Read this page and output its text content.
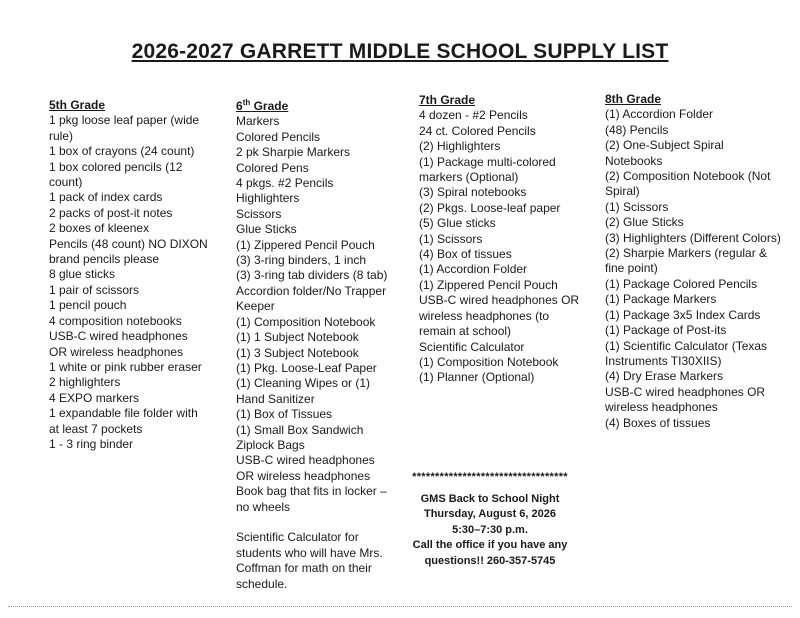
2026-2027 GARRETT MIDDLE SCHOOL SUPPLY LIST
5th Grade
1 pkg loose leaf paper (wide rule)
1 box of crayons (24 count)
1 box colored pencils (12 count)
1 pack of index cards
2 packs of post-it notes
2 boxes of kleenex
Pencils (48 count) NO DIXON brand pencils please
8 glue sticks
1 pair of scissors
1 pencil pouch
4 composition notebooks
USB-C wired headphones OR wireless headphones
1 white or pink rubber eraser
2 highlighters
4 EXPO markers
1 expandable file folder with at least 7 pockets
1 - 3 ring binder
6th Grade
Markers
Colored Pencils
2 pk Sharpie Markers
Colored Pens
4 pkgs. #2 Pencils
Highlighters
Scissors
Glue Sticks
(1) Zippered Pencil Pouch
(3) 3-ring binders, 1 inch
(3) 3-ring tab dividers (8 tab)
Accordion folder/No Trapper Keeper
(1) Composition Notebook
(1) 1 Subject Notebook
(1) 3 Subject Notebook
(1) Pkg. Loose-Leaf Paper
(1) Cleaning Wipes or (1) Hand Sanitizer
(1) Box of Tissues
(1) Small Box Sandwich Ziplock Bags
USB-C wired headphones OR wireless headphones
Book bag that fits in locker – no wheels
Scientific Calculator for students who will have Mrs. Coffman for math on their schedule.
7th Grade
4 dozen - #2 Pencils
24 ct. Colored Pencils
(2) Highlighters
(1) Package multi-colored markers (Optional)
(3) Spiral notebooks
(2) Pkgs. Loose-leaf paper
(5) Glue sticks
(1) Scissors
(4) Box of tissues
(1) Accordion Folder
(1) Zippered Pencil Pouch
USB-C wired headphones OR wireless headphones (to remain at school)
Scientific Calculator
(1) Composition Notebook
(1) Planner (Optional)
8th Grade
(1) Accordion Folder
(48) Pencils
(2) One-Subject Spiral Notebooks
(2) Composition Notebook (Not Spiral)
(1) Scissors
(2) Glue Sticks
(3) Highlighters (Different Colors)
(2) Sharpie Markers (regular & fine point)
(1) Package Colored Pencils
(1) Package Markers
(1) Package 3x5 Index Cards
(1) Package of Post-its
(1) Scientific Calculator (Texas Instruments TI30XIIS)
(4) Dry Erase Markers
USB-C wired headphones OR wireless headphones
(4) Boxes of tissues
**********************************
GMS Back to School Night
Thursday, August 6, 2026
5:30–7:30 p.m.
Call the office if you have any questions!! 260-357-5745
